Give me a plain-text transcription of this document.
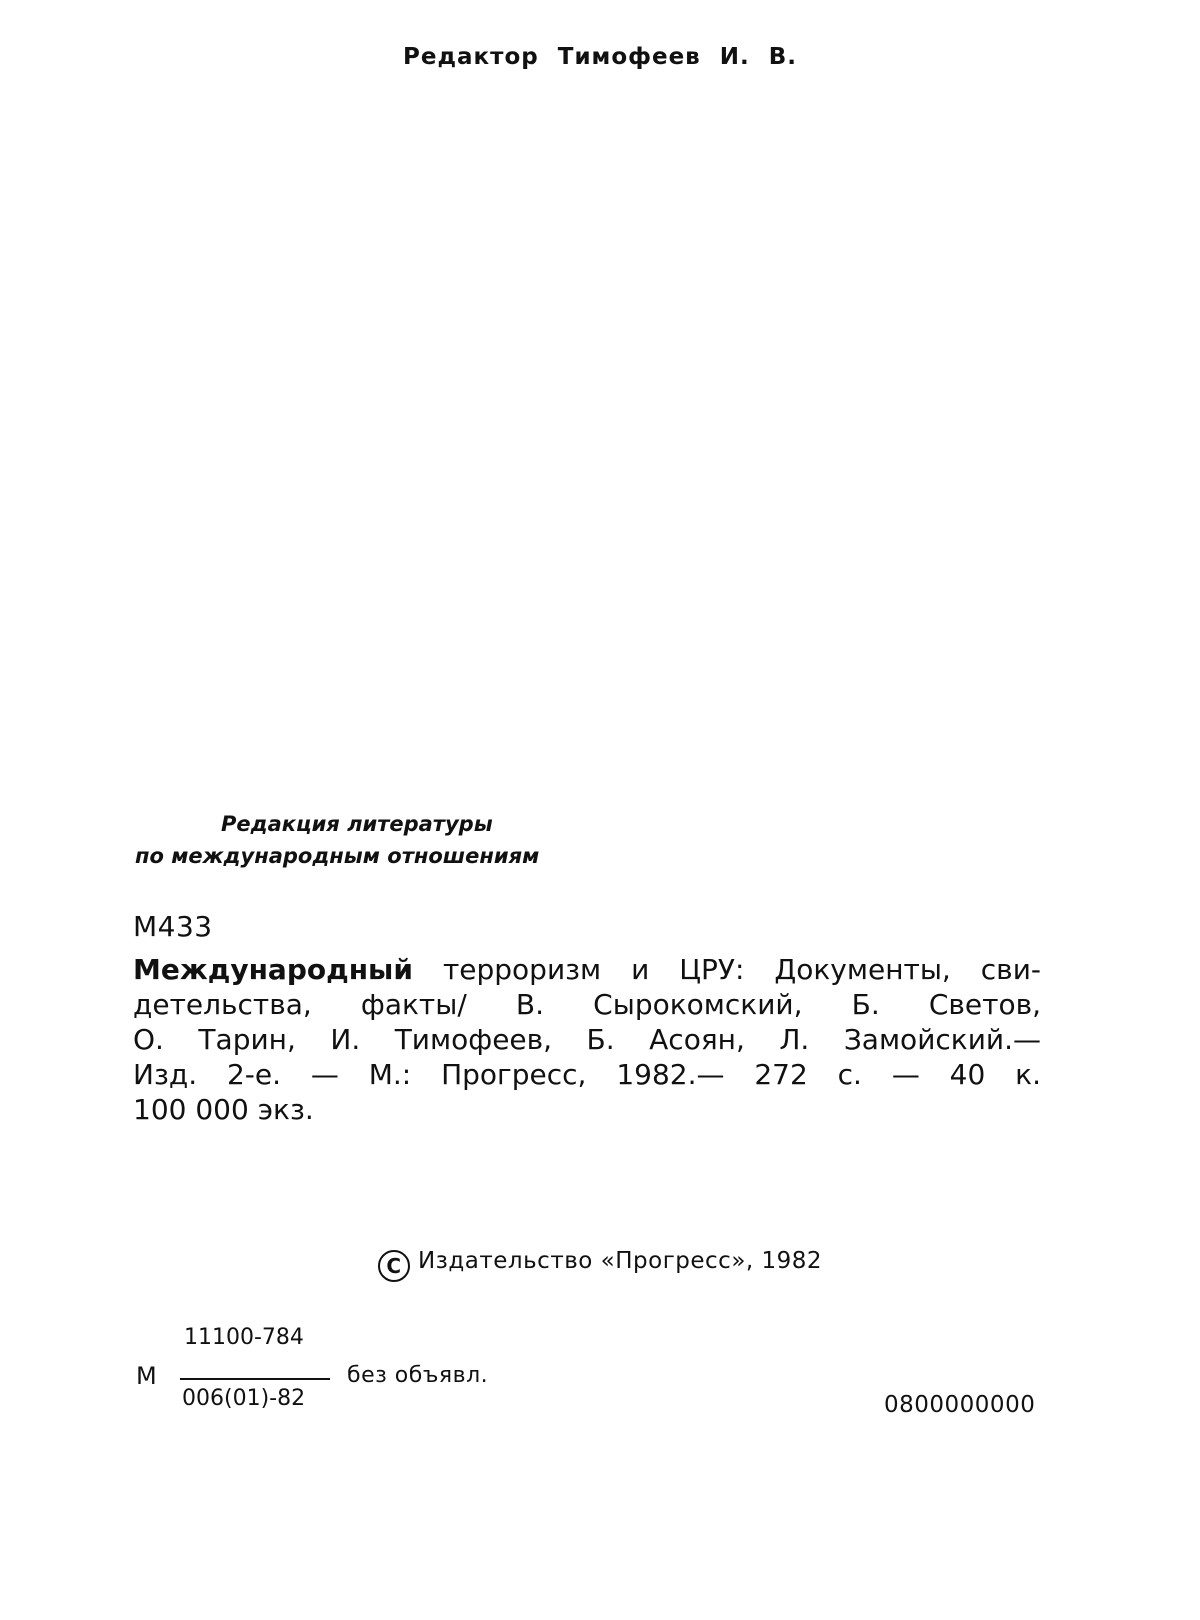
Редактор Тимофеев И. В.
Редакция литературы
по международным отношениям
М433
Международный терроризм и ЦРУ: Документы, сви-
детельства, факты/ В. Сырокомский, Б. Светов,
О. Тарин, И. Тимофеев, Б. Асоян, Л. Замойский.—
Изд. 2-е. — М.: Прогресс, 1982.— 272 с. — 40 к.
100 000 экз.
C Издательство «Прогресс», 1982
М
11100-784
006(01)-82
без объявл.
0800000000
